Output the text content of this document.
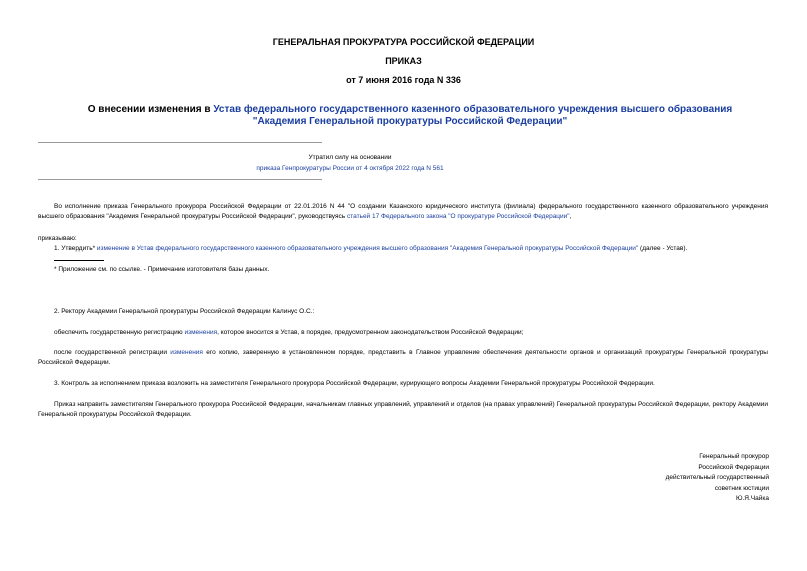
ГЕНЕРАЛЬНАЯ ПРОКУРАТУРА РОССИЙСКОЙ ФЕДЕРАЦИИ
ПРИКАЗ
от 7 июня 2016 года N 336
О внесении изменения в Устав федерального государственного казенного образовательного учреждения высшего образования "Академия Генеральной прокуратуры Российской Федерации"
Утратил силу на основании
приказа Генпрокуратуры России от 4 октября 2022 года N 561
Во исполнение приказа Генерального прокурора Российской Федерации от 22.01.2016 N 44 "О создании Казанского юридического института (филиала) федерального государственного казенного образовательного учреждения высшего образования "Академия Генеральной прокуратуры Российской Федерации", руководствуясь статьей 17 Федерального закона "О прокуратуре Российской Федерации",
приказываю:
1. Утвердить* изменение в Устав федерального государственного казенного образовательного учреждения высшего образования "Академия Генеральной прокуратуры Российской Федерации" (далее - Устав).
* Приложение см. по ссылке. - Примечание изготовителя базы данных.
2. Ректору Академии Генеральной прокуратуры Российской Федерации Калинус О.С.:
обеспечить государственную регистрацию изменения, которое вносится в Устав, в порядке, предусмотренном законодательством Российской Федерации;
после государственной регистрации изменения его копию, заверенную в установленном порядке, представить в Главное управление обеспечения деятельности органов и организаций прокуратуры Генеральной прокуратуры Российской Федерации.
3. Контроль за исполнением приказа возложить на заместителя Генерального прокурора Российской Федерации, курирующего вопросы Академии Генеральной прокуратуры Российской Федерации.
Приказ направить заместителям Генерального прокурора Российской Федерации, начальникам главных управлений, управлений и отделов (на правах управлений) Генеральной прокуратуры Российской Федерации, ректору Академии Генеральной прокуратуры Российской Федерации.
Генеральный прокурор
Российской Федерации
действительный государственный
советник юстиции
Ю.Я.Чайка
